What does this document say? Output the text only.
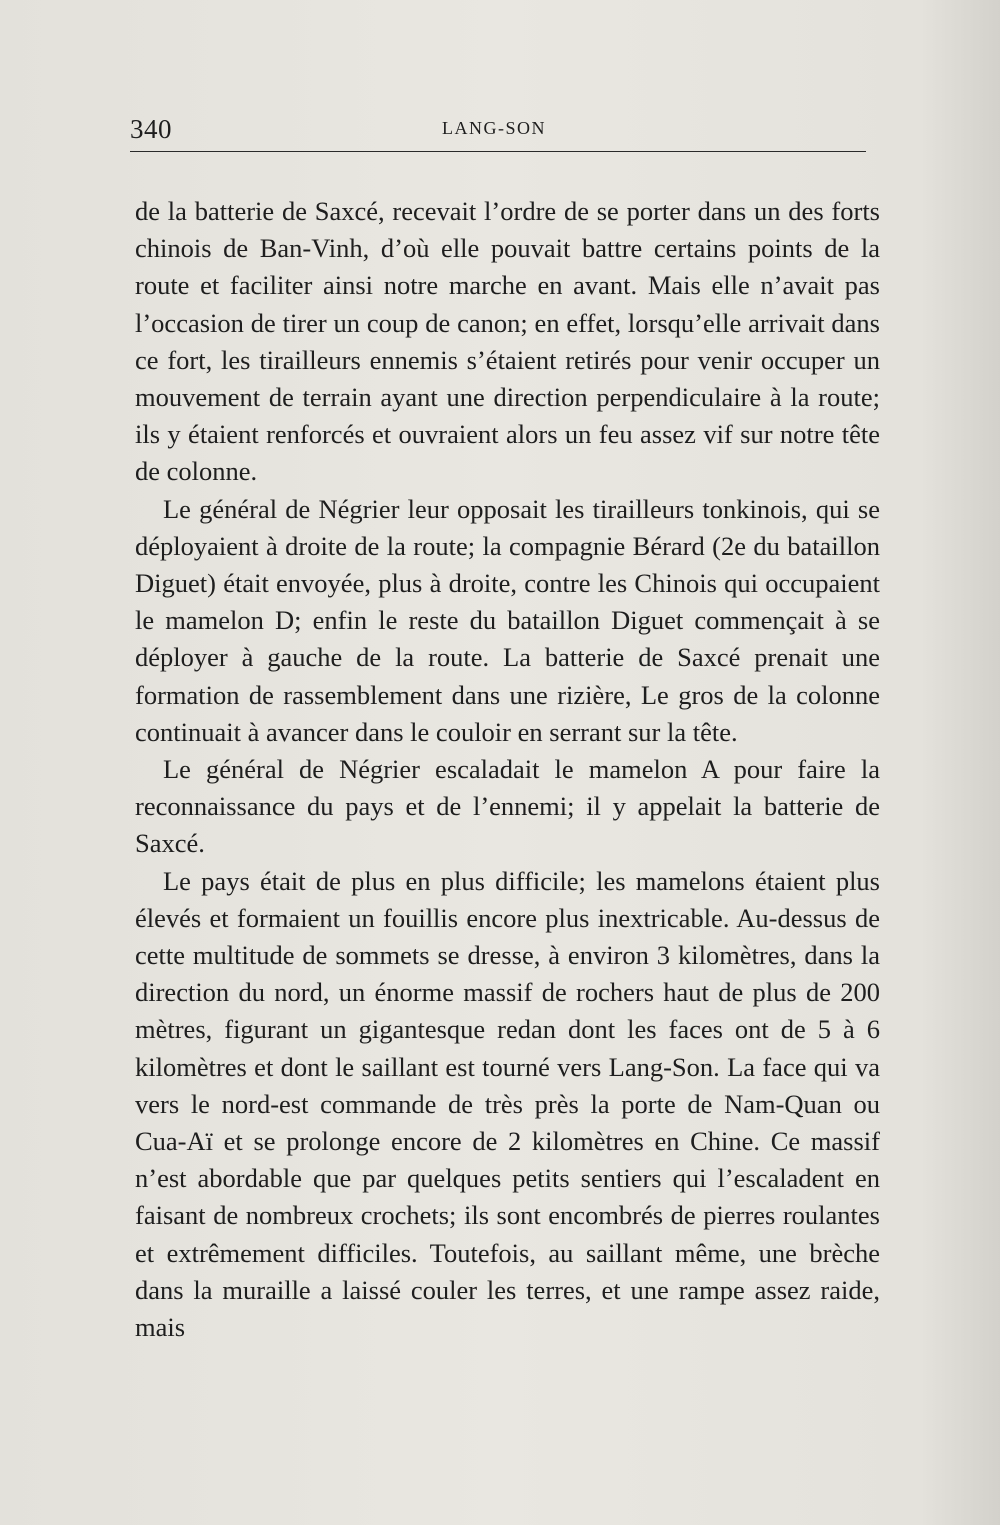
340	LANG-SON

de la batterie de Saxcé, recevait l’ordre de se porter dans un des forts chinois de Ban-Vinh, d’où elle pouvait battre certains points de la route et faciliter ainsi notre marche en avant. Mais elle n’avait pas l’occasion de tirer un coup de canon; en effet, lorsqu’elle arrivait dans ce fort, les tirailleurs ennemis s’étaient retirés pour venir occuper un mouvement de terrain ayant une direction perpendiculaire à la route; ils y étaient renforcés et ouvraient alors un feu assez vif sur notre tête de colonne.

Le général de Négrier leur opposait les tirailleurs tonkinois, qui se déployaient à droite de la route; la compagnie Bérard (2e du bataillon Diguet) était envoyée, plus à droite, contre les Chinois qui occupaient le mamelon D; enfin le reste du bataillon Diguet commençait à se déployer à gauche de la route. La batterie de Saxcé prenait une formation de rassemblement dans une rizière, Le gros de la colonne continuait à avancer dans le couloir en serrant sur la tête.

Le général de Négrier escaladait le mamelon A pour faire la reconnaissance du pays et de l’ennemi; il y appelait la batterie de Saxcé.

Le pays était de plus en plus difficile; les mamelons étaient plus élevés et formaient un fouillis encore plus inextricable. Au-dessus de cette multitude de sommets se dresse, à environ 3 kilomètres, dans la direction du nord, un énorme massif de rochers haut de plus de 200 mètres, figurant un gigantesque redan dont les faces ont de 5 à 6 kilomètres et dont le saillant est tourné vers Lang-Son. La face qui va vers le nord-est commande de très près la porte de Nam-Quan ou Cua-Aï et se prolonge encore de 2 kilomètres en Chine. Ce massif n’est abordable que par quelques petits sentiers qui l’escaladent en faisant de nombreux crochets; ils sont encombrés de pierres roulantes et extrêmement difficiles. Toutefois, au saillant même, une brèche dans la muraille a laissé couler les terres, et une rampe assez raide, mais
